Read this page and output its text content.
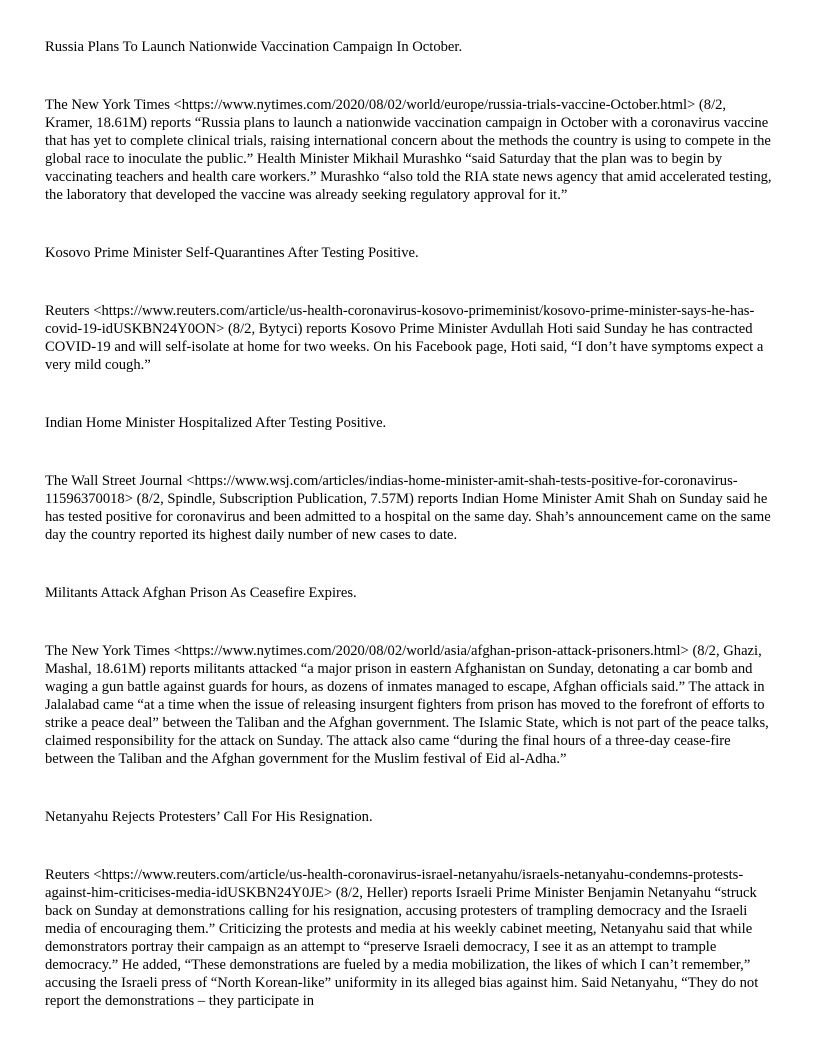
Russia Plans To Launch Nationwide Vaccination Campaign In October.
The New York Times <https://www.nytimes.com/2020/08/02/world/europe/russia-trials-vaccine-October.html> (8/2, Kramer, 18.61M) reports “Russia plans to launch a nationwide vaccination campaign in October with a coronavirus vaccine that has yet to complete clinical trials, raising international concern about the methods the country is using to compete in the global race to inoculate the public.” Health Minister Mikhail Murashko “said Saturday that the plan was to begin by vaccinating teachers and health care workers.” Murashko “also told the RIA state news agency that amid accelerated testing, the laboratory that developed the vaccine was already seeking regulatory approval for it.”
Kosovo Prime Minister Self-Quarantines After Testing Positive.
Reuters <https://www.reuters.com/article/us-health-coronavirus-kosovo-primeminist/kosovo-prime-minister-says-he-has-covid-19-idUSKBN24Y0ON> (8/2, Bytyci) reports Kosovo Prime Minister Avdullah Hoti said Sunday he has contracted COVID-19 and will self-isolate at home for two weeks. On his Facebook page, Hoti said, “I don’t have symptoms expect a very mild cough.”
Indian Home Minister Hospitalized After Testing Positive.
The Wall Street Journal <https://www.wsj.com/articles/indias-home-minister-amit-shah-tests-positive-for-coronavirus-11596370018> (8/2, Spindle, Subscription Publication, 7.57M) reports Indian Home Minister Amit Shah on Sunday said he has tested positive for coronavirus and been admitted to a hospital on the same day. Shah’s announcement came on the same day the country reported its highest daily number of new cases to date.
Militants Attack Afghan Prison As Ceasefire Expires.
The New York Times <https://www.nytimes.com/2020/08/02/world/asia/afghan-prison-attack-prisoners.html> (8/2, Ghazi, Mashal, 18.61M) reports militants attacked “a major prison in eastern Afghanistan on Sunday, detonating a car bomb and waging a gun battle against guards for hours, as dozens of inmates managed to escape, Afghan officials said.” The attack in Jalalabad came “at a time when the issue of releasing insurgent fighters from prison has moved to the forefront of efforts to strike a peace deal” between the Taliban and the Afghan government. The Islamic State, which is not part of the peace talks, claimed responsibility for the attack on Sunday. The attack also came “during the final hours of a three-day cease-fire between the Taliban and the Afghan government for the Muslim festival of Eid al-Adha.”
Netanyahu Rejects Protesters’ Call For His Resignation.
Reuters <https://www.reuters.com/article/us-health-coronavirus-israel-netanyahu/israels-netanyahu-condemns-protests-against-him-criticises-media-idUSKBN24Y0JE> (8/2, Heller) reports Israeli Prime Minister Benjamin Netanyahu “struck back on Sunday at demonstrations calling for his resignation, accusing protesters of trampling democracy and the Israeli media of encouraging them.” Criticizing the protests and media at his weekly cabinet meeting, Netanyahu said that while demonstrators portray their campaign as an attempt to “preserve Israeli democracy, I see it as an attempt to trample democracy.” He added, “These demonstrations are fueled by a media mobilization, the likes of which I can’t remember,” accusing the Israeli press of “North Korean-like” uniformity in its alleged bias against him. Said Netanyahu, “They do not report the demonstrations – they participate in
